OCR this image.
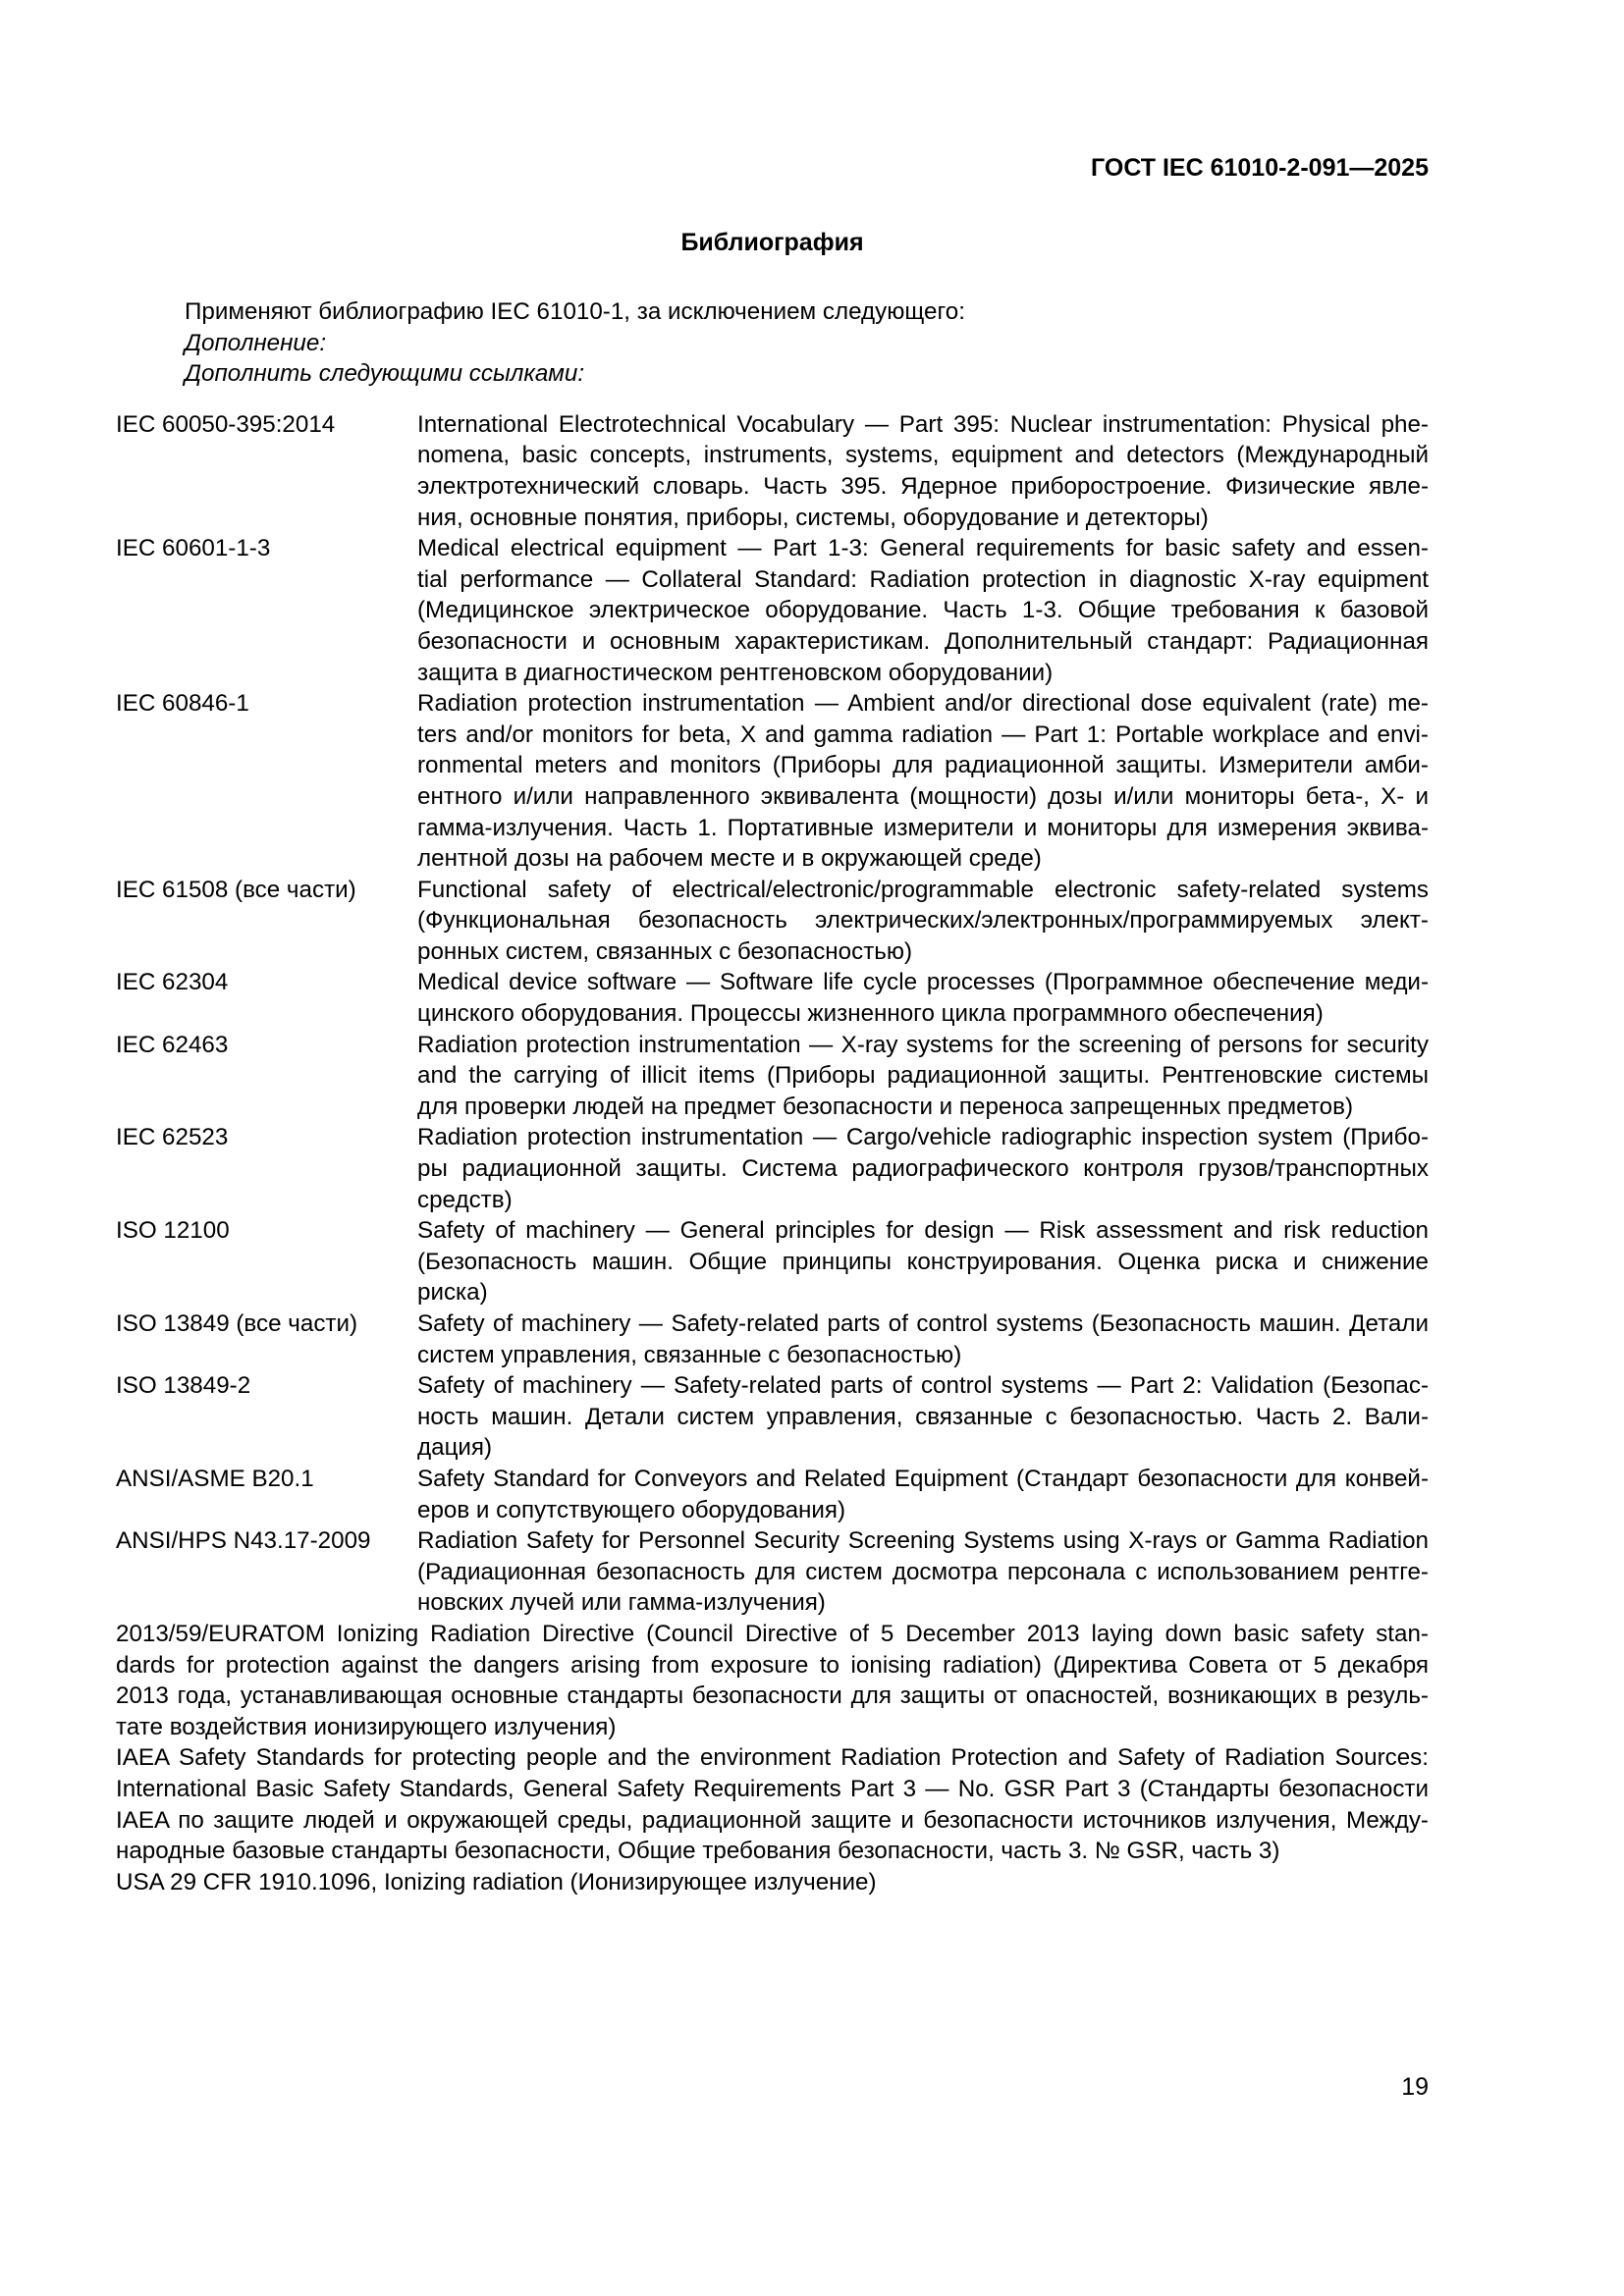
ГОСТ IEC 61010-2-091—2025
Библиография

Применяют библиографию IEC 61010-1, за исключением следующего:

Дополнение:

Дополнить следующими ссылками:

IEC 60050-395:2014	International Electrotechnical Vocabulary — Part 395: Nuclear instrumentation: Physical phe-
nomena, basic concepts, instruments, systems, equipment and detectors (Международный
электротехнический словарь. Часть 395. Ядерное приборостроение. Физические явле-
ния, основные понятия, приборы, системы, оборудование и детекторы)
IEC 60601-1-3	Medical electrical equipment — Part 1-3: General requirements for basic safety and essen-
tial performance — Collateral Standard: Radiation protection in diagnostic X-ray equipment
(Медицинское электрическое оборудование. Часть 1-3. Общие требования к базовой
безопасности и основным характеристикам. Дополнительный стандарт: Радиационная
защита в диагностическом рентгеновском оборудовании)
IEC 60846-1	Radiation protection instrumentation — Ambient and/or directional dose equivalent (rate) me-
ters and/or monitors for beta, X and gamma radiation — Part 1: Portable workplace and envi-
ronmental meters and monitors (Приборы для радиационной защиты. Измерители амби-
ентного и/или направленного эквивалента (мощности) дозы и/или мониторы бета-, X- и
гамма-излучения. Часть 1. Портативные измерители и мониторы для измерения эквива-
лентной дозы на рабочем месте и в окружающей среде)
IEC 61508 (все части)	Functional safety of electrical/electronic/programmable electronic safety-related systems
(Функциональная безопасность электрических/электронных/программируемых элект-
ронных систем, связанных с безопасностью)
IEC 62304	Medical device software — Software life cycle processes (Программное обеспечение меди-
цинского оборудования. Процессы жизненного цикла программного обеспечения)
IEC 62463	Radiation protection instrumentation — X-ray systems for the screening of persons for security
and the carrying of illicit items (Приборы радиационной защиты. Рентгеновские системы
для проверки людей на предмет безопасности и переноса запрещенных предметов)
IEC 62523	Radiation protection instrumentation — Cargo/vehicle radiographic inspection system (Прибо-
ры радиационной защиты. Система радиографического контроля грузов/транспортных
средств)
ISO 12100	Safety of machinery — General principles for design — Risk assessment and risk reduction
(Безопасность машин. Общие принципы конструирования. Оценка риска и снижение
риска)
ISO 13849 (все части)	Safety of machinery — Safety-related parts of control systems (Безопасность машин. Детали
систем управления, связанные с безопасностью)
ISO 13849-2	Safety of machinery — Safety-related parts of control systems — Part 2: Validation (Безопас-
ность машин. Детали систем управления, связанные с безопасностью. Часть 2. Вали-
дация)
ANSI/ASME B20.1	Safety Standard for Conveyors and Related Equipment (Стандарт безопасности для конвей-
еров и сопутствующего оборудования)
ANSI/HPS N43.17-2009	Radiation Safety for Personnel Security Screening Systems using X-rays or Gamma Radiation
(Радиационная безопасность для систем досмотра персонала с использованием рентге-
новских лучей или гамма-излучения)
2013/59/EURATOM Ionizing Radiation Directive (Council Directive of 5 December 2013 laying down basic safety stan-
dards for protection against the dangers arising from exposure to ionising radiation) (Директива Совета от 5 декабря
2013 года, устанавливающая основные стандарты безопасности для защиты от опасностей, возникающих в резуль-
тате воздействия ионизирующего излучения)
IAEA Safety Standards for protecting people and the environment Radiation Protection and Safety of Radiation Sources:
International Basic Safety Standards, General Safety Requirements Part 3 — No. GSR Part 3 (Стандарты безопасности
IAEA по защите людей и окружающей среды, радиационной защите и безопасности источников излучения, Между-
народные базовые стандарты безопасности, Общие требования безопасности, часть 3. № GSR, часть 3)
USA 29 CFR 1910.1096, Ionizing radiation (Ионизирующее излучение)
19
